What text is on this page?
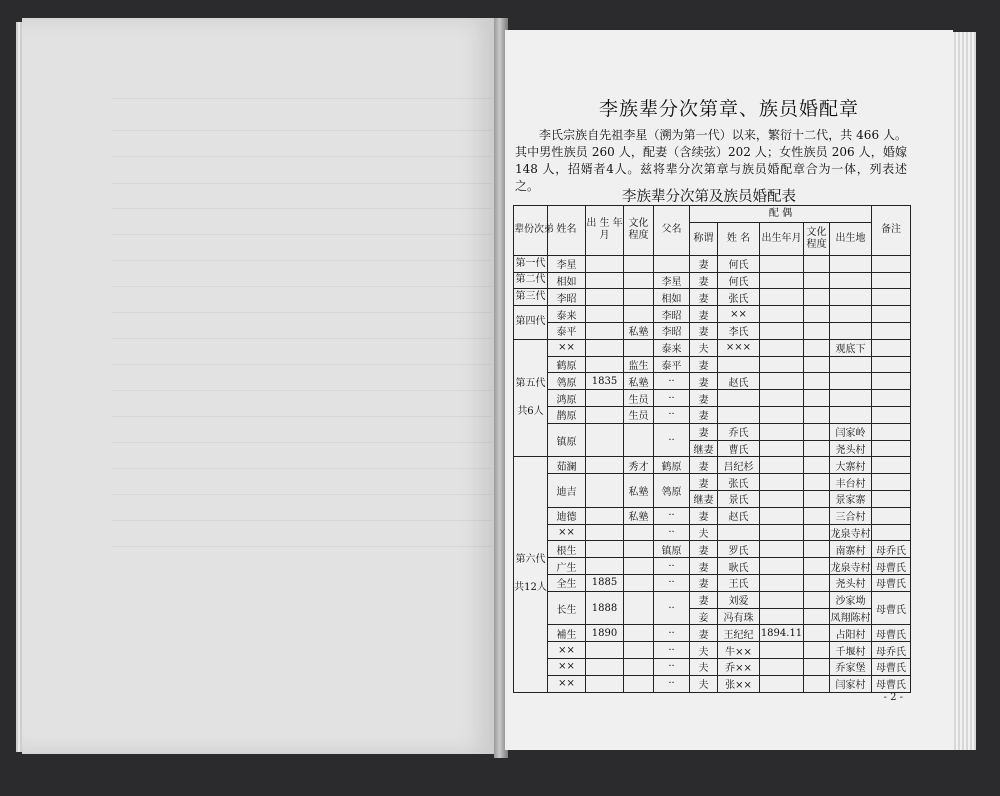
李族辈分次第章、族员婚配章

李氏宗族自先祖李星（溯为第一代）以来，繁衍十二代，共 466 人。其中男性族员 260 人，配妻（含续弦）202 人；女性族员 206 人，婚嫁 148 人，招婿者4人。兹将辈分次第章与族员婚配章合为一体，列表述之。

李族辈分次第及族员婚配表
辈份次弟	姓名	出 生 年 月	文化程度	父名	配 偶					备注
					称谓	姓 名	出生年月	文化程度	出生地	

第一代	李星				妻	何氏				

第二代	相如			李星	妻	何氏				

第三代	李昭			相如	妻	张氏				

第四代	泰来			李昭	妻	××				
	泰平		私塾	李昭	妻	李氏				

第五代
共6人	××			泰来	夫	×××			观底下	
	鹤原		监生	泰平	妻					
	鸰原	1835	私塾	··	妻	赵氏				
	鸿原		生员	··	妻					
	鹊原		生员	··	妻					
	镇原			··	妻	乔氏			闫家岭	
					继妻	曹氏			尧头村	

第六代
共12人	茹澜		秀才	鹤原	妻	吕纪杉			大寨村	
	迪吉		私塾	鸰原	妻	张氏			丰台村	
					继妻	景氏			景家寨	
	迪德		私塾	··	妻	赵氏			三合村	
	××			··	夫				龙泉寺村	
	根生			镇原	妻	罗氏			南寨村	母乔氏
	广生			··	妻	耿氏			龙泉寺村	母曹氏
	全生	1885		··	妻	王氏			尧头村	母曹氏
	长生	1888		··	妻	刘爱			沙家坳	母曹氏
					妾	冯有珠			凤翔陈村	
	補生	1890		··	妻	王纪纪	1894.11		占阳村	母曹氏
	××			··	夫	牛××			千堰村	母乔氏
	××			··	夫	乔××			乔家堡	母曹氏
	××			··	夫	张××			闫家村	母曹氏
- 2 -
